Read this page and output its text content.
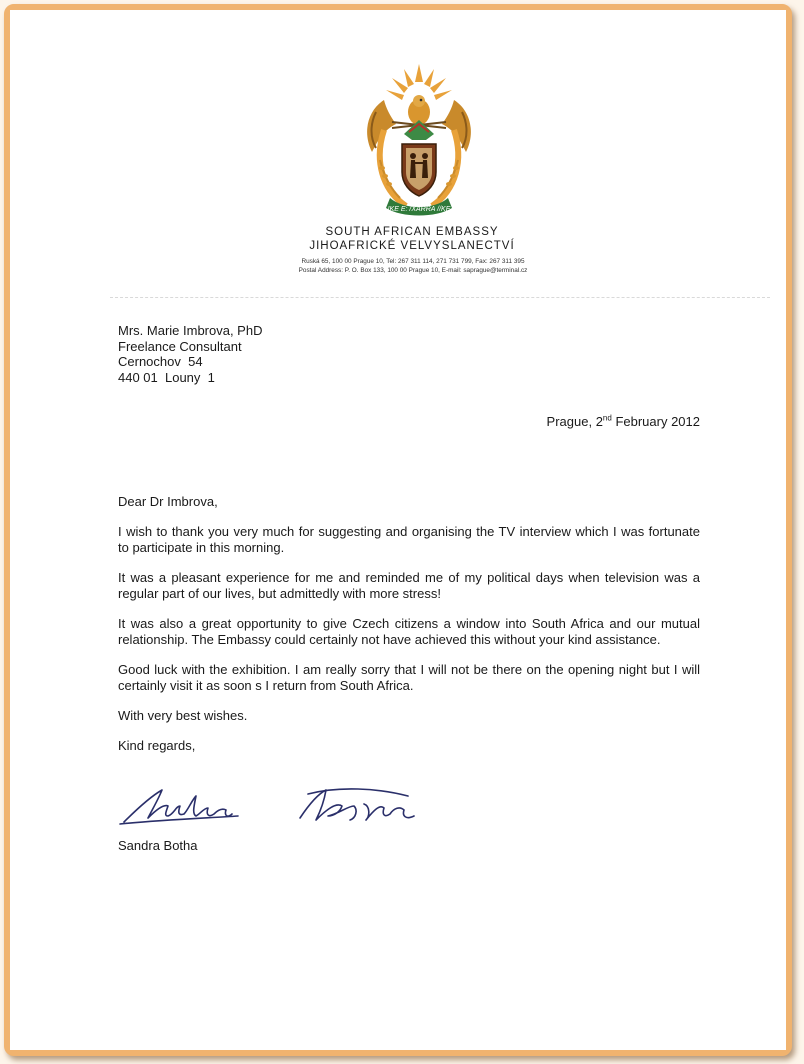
!KE E: /XARRA //KE
SOUTH AFRICAN EMBASSY
JIHOAFRICKÉ VELVYSLANECTVÍ
Ruská 65, 100 00 Prague 10, Tel: 267 311 114, 271 731 799, Fax: 267 311 395
Postal Address: P. O. Box 133, 100 00 Prague 10, E-mail: saprague@terminal.cz
Mrs. Marie Imbrova, PhD
Freelance Consultant
Cernochov  54
440 01  Louny  1
Prague, 2nd February 2012

Dear Dr Imbrova,

I wish to thank you very much for suggesting and organising the TV interview which I was fortunate to participate in this morning.

It was a pleasant experience for me and reminded me of my political days when television was a regular part of our lives, but admittedly with more stress!

It was also a great opportunity to give Czech citizens a window into South Africa and our mutual relationship. The Embassy could certainly not have achieved this without your kind assistance.

Good luck with the exhibition. I am really sorry that I will not be there on the opening night but I will certainly visit it as soon s I return from South Africa.

With very best wishes.

Kind regards,

Sandra Botha
